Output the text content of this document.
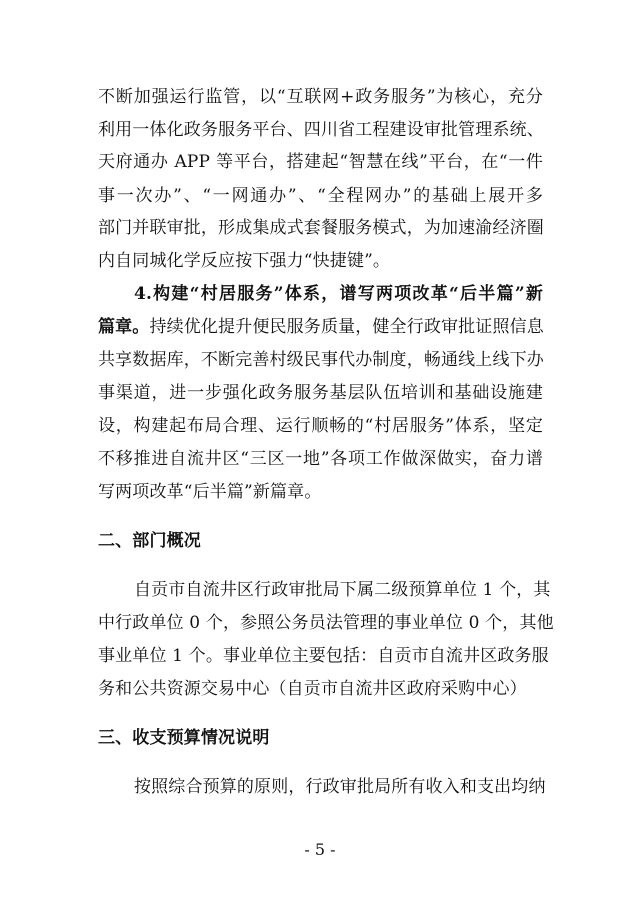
不断加强运行监管，以“互联网+政务服务”为核心，充分
利用一体化政务服务平台、四川省工程建设审批管理系统、
天府通办 APP 等平台，搭建起“智慧在线”平台，在“一件
事一次办”、“一网通办”、“全程网办”的基础上展开多
部门并联审批，形成集成式套餐服务模式，为加速渝经济圈
内自同城化学反应按下强力“快捷键”。
4.构建“村居服务”体系，谱写两项改革“后半篇”新
篇章。持续优化提升便民服务质量，健全行政审批证照信息
共享数据库，不断完善村级民事代办制度，畅通线上线下办
事渠道，进一步强化政务服务基层队伍培训和基础设施建
设，构建起布局合理、运行顺畅的“村居服务”体系，坚定
不移推进自流井区“三区一地”各项工作做深做实，奋力谱
写两项改革“后半篇”新篇章。
二、部门概况
自贡市自流井区行政审批局下属二级预算单位 1 个，其
中行政单位 0 个，参照公务员法管理的事业单位 0 个，其他
事业单位 1 个。事业单位主要包括：自贡市自流井区政务服
务和公共资源交易中心（自贡市自流井区政府采购中心）
三、收支预算情况说明
按照综合预算的原则，行政审批局所有收入和支出均纳
- 5 -
